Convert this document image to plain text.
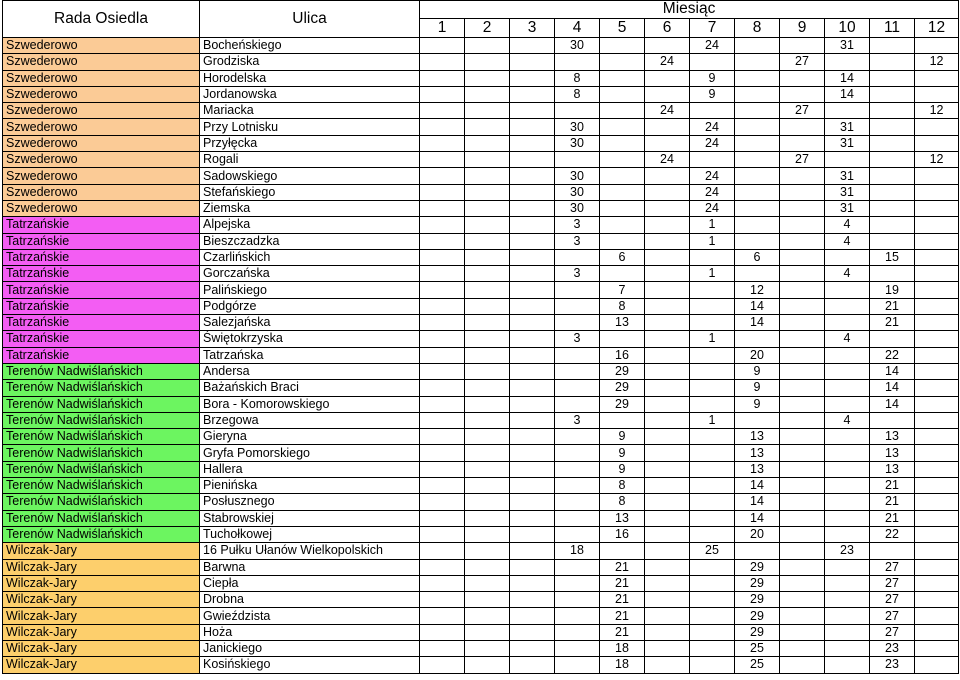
Rada Osiedla	Ulica	Miesiąc											
		1	2	3	4	5	6	7	8	9	10	11	12
Szwederowo	Bocheńskiego				30			24			31		
Szwederowo	Grodziska						24			27			12
Szwederowo	Horodelska				8			9			14		
Szwederowo	Jordanowska				8			9			14		
Szwederowo	Mariacka						24			27			12
Szwederowo	Przy Lotnisku				30			24			31		
Szwederowo	Przyłęcka				30			24			31		
Szwederowo	Rogali						24			27			12
Szwederowo	Sadowskiego				30			24			31		
Szwederowo	Stefańskiego				30			24			31		
Szwederowo	Ziemska				30			24			31		
Tatrzańskie	Alpejska				3			1			4		
Tatrzańskie	Bieszczadzka				3			1			4		
Tatrzańskie	Czarlińskich					6			6			15	
Tatrzańskie	Gorczańska				3			1			4		
Tatrzańskie	Palińskiego					7			12			19	
Tatrzańskie	Podgórze					8			14			21	
Tatrzańskie	Salezjańska					13			14			21	
Tatrzańskie	Świętokrzyska				3			1			4		
Tatrzańskie	Tatrzańska					16			20			22	
Terenów Nadwiślańskich	Andersa					29			9			14	
Terenów Nadwiślańskich	Bażańskich Braci					29			9			14	
Terenów Nadwiślańskich	Bora - Komorowskiego					29			9			14	
Terenów Nadwiślańskich	Brzegowa				3			1			4		
Terenów Nadwiślańskich	Gieryna					9			13			13	
Terenów Nadwiślańskich	Gryfa Pomorskiego					9			13			13	
Terenów Nadwiślańskich	Hallera					9			13			13	
Terenów Nadwiślańskich	Pienińska					8			14			21	
Terenów Nadwiślańskich	Posłusznego					8			14			21	
Terenów Nadwiślańskich	Stabrowskiej					13			14			21	
Terenów Nadwiślańskich	Tuchołkowej					16			20			22	
Wilczak-Jary	16 Pułku Ułanów Wielkopolskich				18			25			23		
Wilczak-Jary	Barwna					21			29			27	
Wilczak-Jary	Ciepła					21			29			27	
Wilczak-Jary	Drobna					21			29			27	
Wilczak-Jary	Gwieździsta					21			29			27	
Wilczak-Jary	Hoża					21			29			27	
Wilczak-Jary	Janickiego					18			25			23	
Wilczak-Jary	Kosińskiego					18			25			23	
